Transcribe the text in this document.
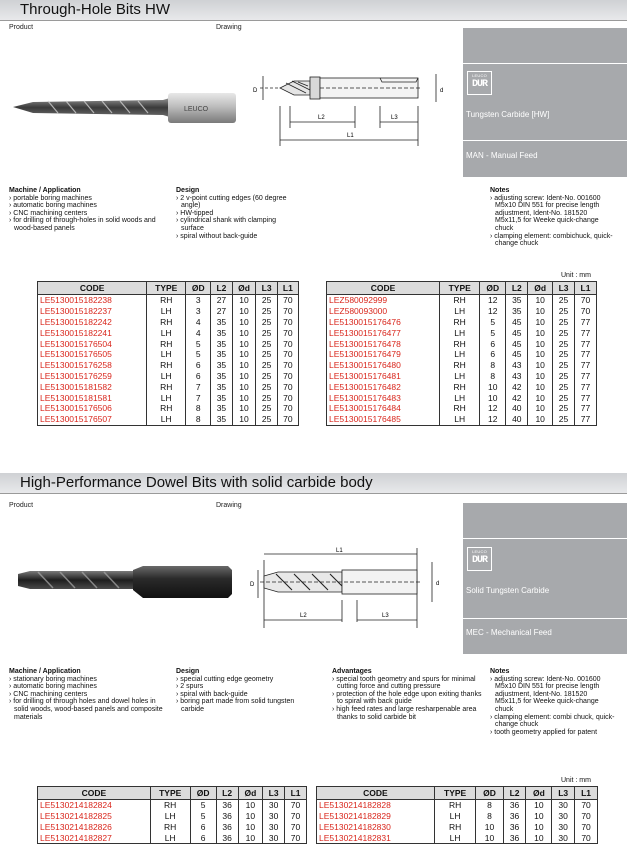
Through-Hole Bits HW
Product	Drawing
LEUCO
DUR
Tungsten Carbide [HW]
MAN - Manual Feed
LEUCO
D	d
L2	L3
L1
Machine / Application
› portable boring machines
› automatic boring machines
› CNC machining centers
› for drilling of through-holes in solid woods and wood-based panels
Design
› 2 v-point cutting edges (60 degree angle)
› HW-tipped
› cylindrical shank with clamping surface
› spiral without back-guide
Notes
› adjusting screw: Ident-No. 001600 M5x10 DIN 551 for precise length adjustment, Ident-No. 181520 M5x11,5 for Weeke quick-change chuck
› clamping element: combichuck, quick-change chuck
Unit : mm
CODE	TYPE	ØD	L2	Ød	L3	L1
LE5130015182238	RH	3	27	10	25	70
LE5130015182237	LH	3	27	10	25	70
LE5130015182242	RH	4	35	10	25	70
LE5130015182241	LH	4	35	10	25	70
LE5130015176504	RH	5	35	10	25	70
LE5130015176505	LH	5	35	10	25	70
LE5130015176258	RH	6	35	10	25	70
LE5130015176259	LH	6	35	10	25	70
LE5130015181582	RH	7	35	10	25	70
LE5130015181581	LH	7	35	10	25	70
LE5130015176506	RH	8	35	10	25	70
LE5130015176507	LH	8	35	10	25	70
CODE	TYPE	ØD	L2	Ød	L3	L1
LEZ580092999	RH	12	35	10	25	70
LEZ580093000	LH	12	35	10	25	70
LE5130015176476	RH	5	45	10	25	77
LE5130015176477	LH	5	45	10	25	77
LE5130015176478	RH	6	45	10	25	77
LE5130015176479	LH	6	45	10	25	77
LE5130015176480	RH	8	43	10	25	77
LE5130015176481	LH	8	43	10	25	77
LE5130015176482	RH	10	42	10	25	77
LE5130015176483	LH	10	42	10	25	77
LE5130015176484	RH	12	40	10	25	77
LE5130015176485	LH	12	40	10	25	77
High-Performance Dowel Bits with solid carbide body
Product	Drawing
LEUCO
DUR
Solid Tungsten Carbide
MEC - Mechanical Feed
L1
D	d
L2	L3
Machine / Application
› stationary boring machines
› automatic boring machines
› CNC machining centers
› for drilling of through holes and dowel holes in solid woods, wood-based panels and composite materials
Design
› special cutting edge geometry
› 2 spurs
› spiral with back-guide
› boring part made from solid tungsten carbide
Advantages
› special tooth geometry and spurs for minimal cutting force and cutting pressure
› protection of the hole edge upon exiting thanks to spiral with back guide
› high feed rates and large resharpenable area thanks to solid carbide bit
Notes
› adjusting screw: Ident-No. 001600 M5x10 DIN 551 for precise length adjustment, Ident-No. 181520 M5x11,5 for Weeke quick-change chuck
› clamping element: combi chuck, quick-change chuck
› tooth geometry applied for patent
Unit : mm
CODE	TYPE	ØD	L2	Ød	L3	L1
LE5130214182824	RH	5	36	10	30	70
LE5130214182825	LH	5	36	10	30	70
LE5130214182826	RH	6	36	10	30	70
LE5130214182827	LH	6	36	10	30	70
CODE	TYPE	ØD	L2	Ød	L3	L1
LE5130214182828	RH	8	36	10	30	70
LE5130214182829	LH	8	36	10	30	70
LE5130214182830	RH	10	36	10	30	70
LE5130214182831	LH	10	36	10	30	70
